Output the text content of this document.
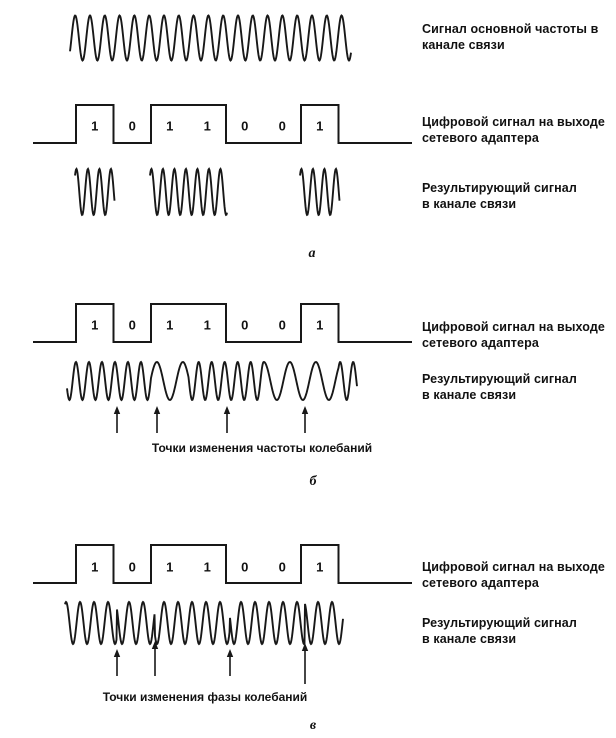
Сигнал основной частоты в
канале связи
Цифровой сигнал на выходе
сетевого адаптера
Результирующий сигнал
в канале связи
а
Цифровой сигнал на выходе
сетевого адаптера
Результирующий сигнал
в канале связи
Точки изменения частоты колебаний
б
Цифровой сигнал на выходе
сетевого адаптера
Результирующий сигнал
в канале связи
Точки изменения фазы колебаний
в
1 0 1 1 0 0 1
1 0 1 1 0 0 1
1 0 1 1 0 0 1
